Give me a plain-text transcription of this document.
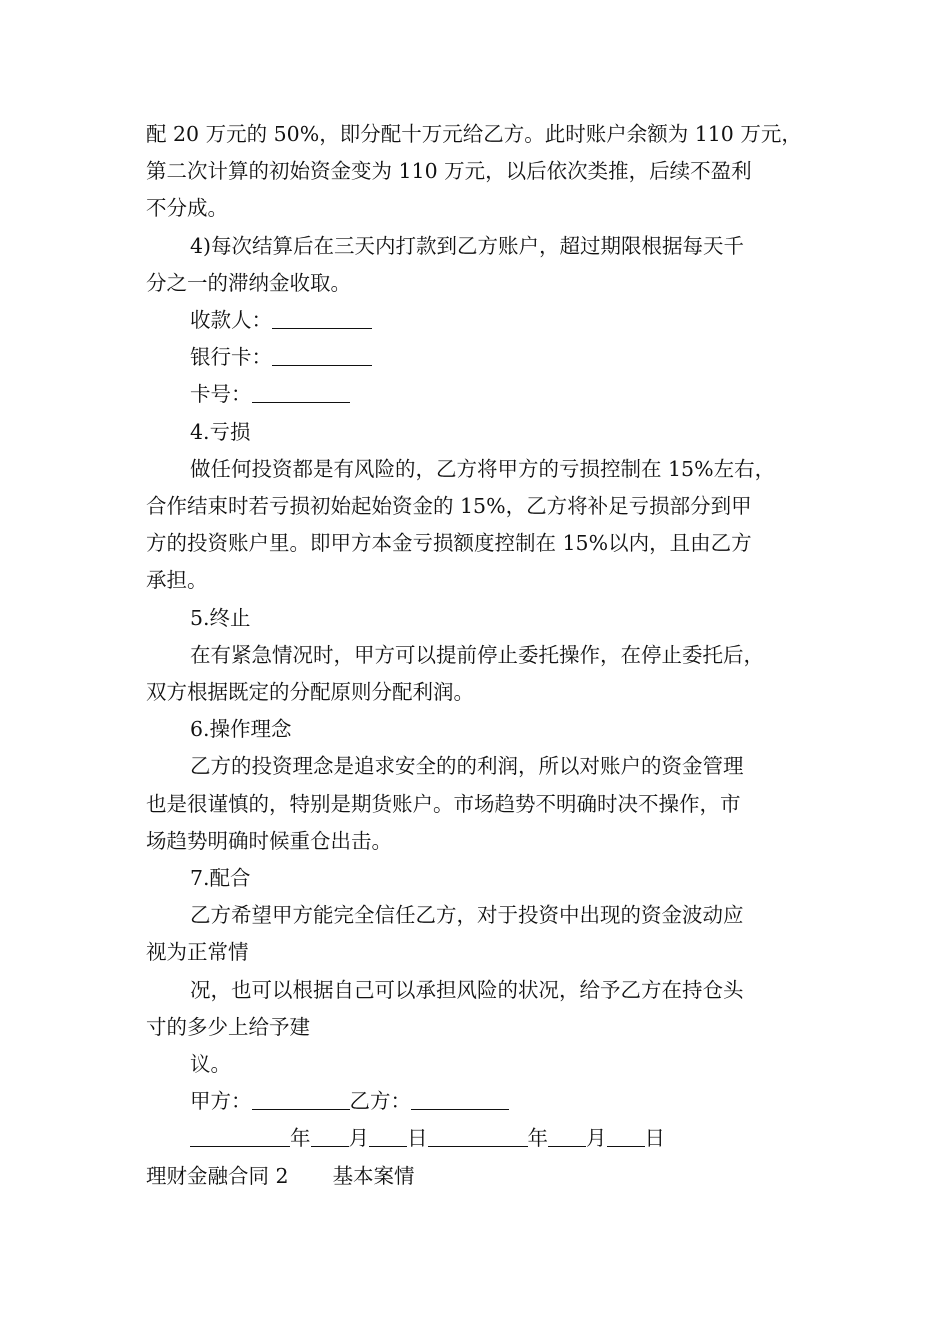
配 20 万元的 50%，即分配十万元给乙方。此时账户余额为 110 万元，

第二次计算的初始资金变为 110 万元，以后依次类推，后续不盈利

不分成。

4)每次结算后在三天内打款到乙方账户，超过期限根据每天千

分之一的滞纳金收取。

收款人：

银行卡：

卡号：

4.亏损

做任何投资都是有风险的，乙方将甲方的亏损控制在 15%左右，

合作结束时若亏损初始起始资金的 15%，乙方将补足亏损部分到甲

方的投资账户里。即甲方本金亏损额度控制在 15%以内，且由乙方

承担。

5.终止

在有紧急情况时，甲方可以提前停止委托操作，在停止委托后，

双方根据既定的分配原则分配利润。

6.操作理念

乙方的投资理念是追求安全的的利润，所以对账户的资金管理

也是很谨慎的，特别是期货账户。市场趋势不明确时决不操作，市

场趋势明确时候重仓出击。

7.配合

乙方希望甲方能完全信任乙方，对于投资中出现的资金波动应

视为正常情

况，也可以根据自己可以承担风险的状况，给予乙方在持仓头

寸的多少上给予建

议。

甲方：	乙方：

年 月 日	年 月 日

理财金融合同 2 基本案情
